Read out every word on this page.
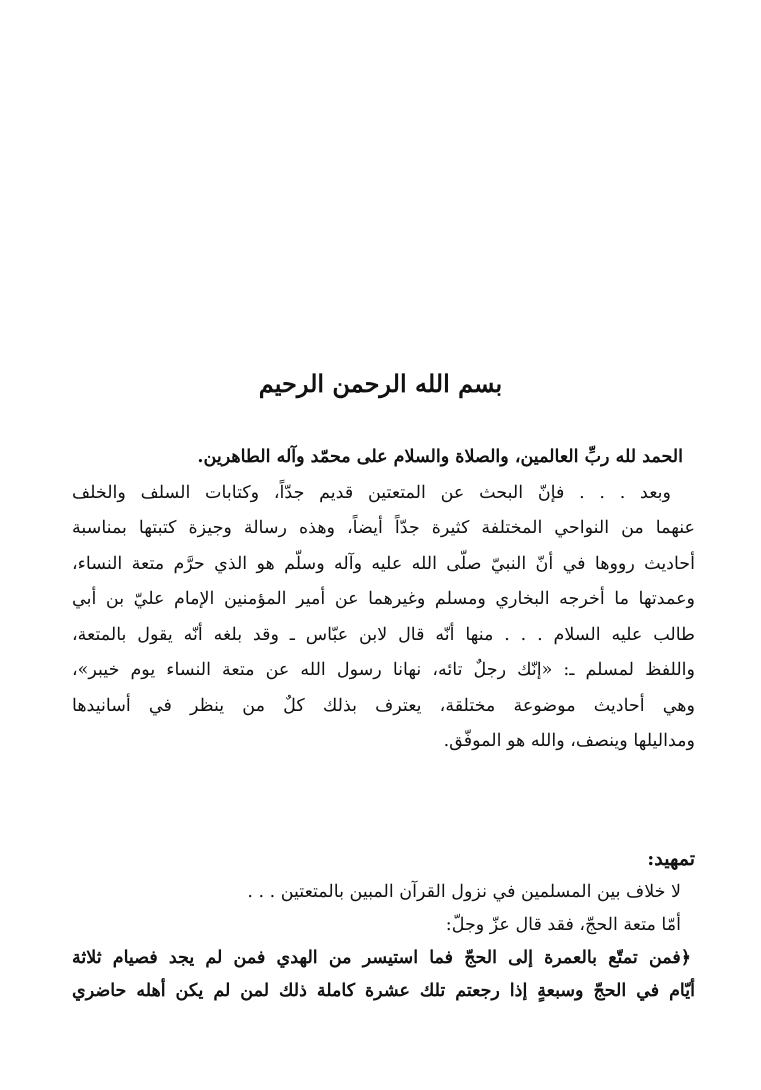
بسم الله الرحمن الرحيم
الحمد لله ربِّ العالمين، والصلاة والسلام على محمّد وآله الطاهرين.
وبعد . . . فإنّ البحث عن المتعتين قديم جدّاً، وكتابات السلف والخلف
عنهما من النواحي المختلفة كثيرة جدّاً أيضاً، وهذه رسالة وجيزة كتبتها بمناسبة
أحاديث رووها في أنّ النبيّ صلّى الله عليه وآله وسلّم هو الذي حرَّم متعة النساء،
وعمدتها ما أخرجه البخاري ومسلم وغيرهما عن أمير المؤمنين الإمام عليّ بن أبي
طالب عليه السلام . . . منها أنّه قال لابن عبّاس ـ وقد بلغه أنّه يقول بالمتعة،
واللفظ لمسلم ـ: «إنّك رجلٌ تائه، نهانا رسول الله عن متعة النساء يوم خيبر»،
وهي أحاديث موضوعة مختلقة، يعترف بذلك كلٌ من ينظر في أسانيدها
ومداليلها وينصف، والله هو الموفّق.
تمهيد:
لا خلاف بين المسلمين في نزول القرآن المبين بالمتعتين . . .
أمّا متعة الحجّ، فقد قال عزّ وجلّ:
﴿فمن تمتّع بالعمرة إلى الحجّ فما استيسر من الهدي فمن لم يجد فصيام ثلاثة
أيّام في الحجّ وسبعةٍ إذا رجعتم تلك عشرة كاملة ذلك لمن لم يكن أهله حاضري
